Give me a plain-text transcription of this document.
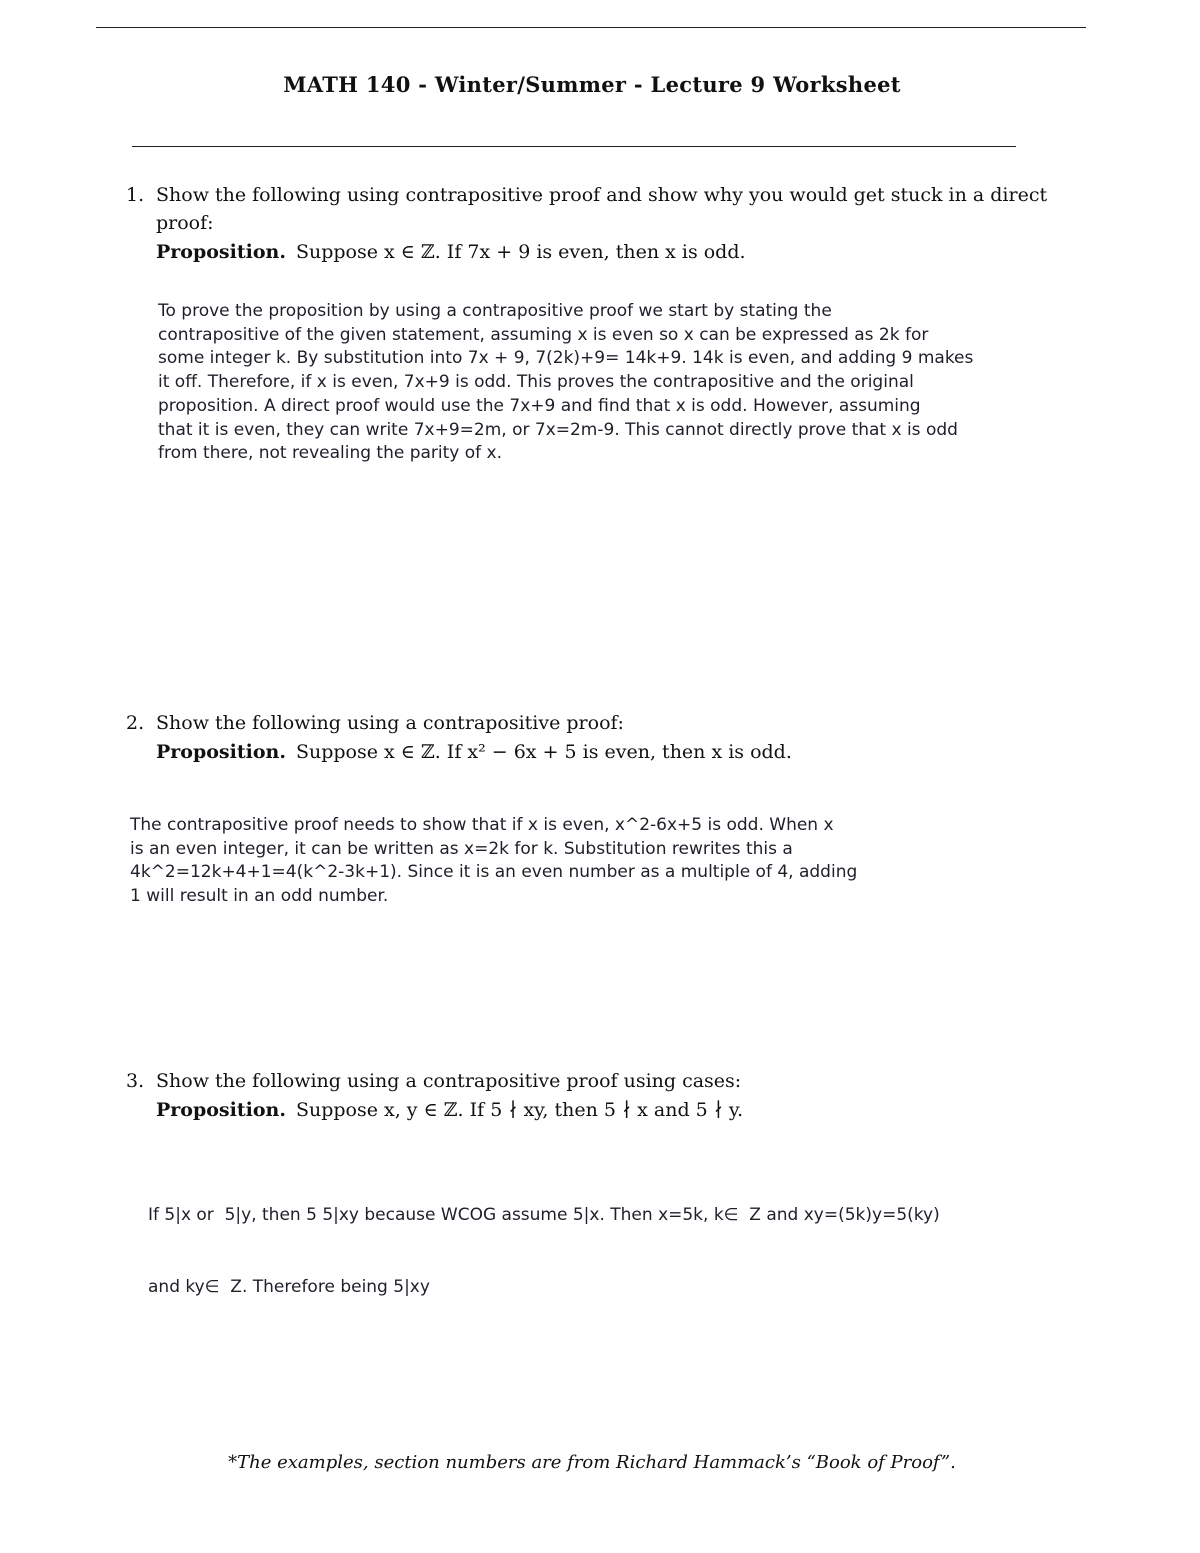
MATH 140 - Winter/Summer - Lecture 9 Worksheet
1. Show the following using contrapositive proof and show why you would get stuck in a direct
proof:
Proposition. Suppose x ∈ ℤ. If 7x + 9 is even, then x is odd.
To prove the proposition by using a contrapositive proof we start by stating the
contrapositive of the given statement, assuming x is even so x can be expressed as 2k for
some integer k. By substitution into 7x + 9, 7(2k)+9= 14k+9. 14k is even, and adding 9 makes
it off. Therefore, if x is even, 7x+9 is odd. This proves the contrapositive and the original
proposition. A direct proof would use the 7x+9 and find that x is odd. However, assuming
that it is even, they can write 7x+9=2m, or 7x=2m-9. This cannot directly prove that x is odd
from there, not revealing the parity of x.
2. Show the following using a contrapositive proof:
Proposition. Suppose x ∈ ℤ. If x² − 6x + 5 is even, then x is odd.
The contrapositive proof needs to show that if x is even, x^2-6x+5 is odd. When x
is an even integer, it can be written as x=2k for k. Substitution rewrites this a
4k^2=12k+4+1=4(k^2-3k+1). Since it is an even number as a multiple of 4, adding
1 will result in an odd number.
3. Show the following using a contrapositive proof using cases:
Proposition. Suppose x, y ∈ ℤ. If 5 ∤ xy, then 5 ∤ x and 5 ∤ y.

If 5|x or  5|y, then 5 5|xy because WCOG assume 5|x. Then x=5k, k∈  Z and xy=(5k)y=5(ky)

and ky∈  Z. Therefore being 5|xy

*The examples, section numbers are from Richard Hammack’s “Book of Proof”.
